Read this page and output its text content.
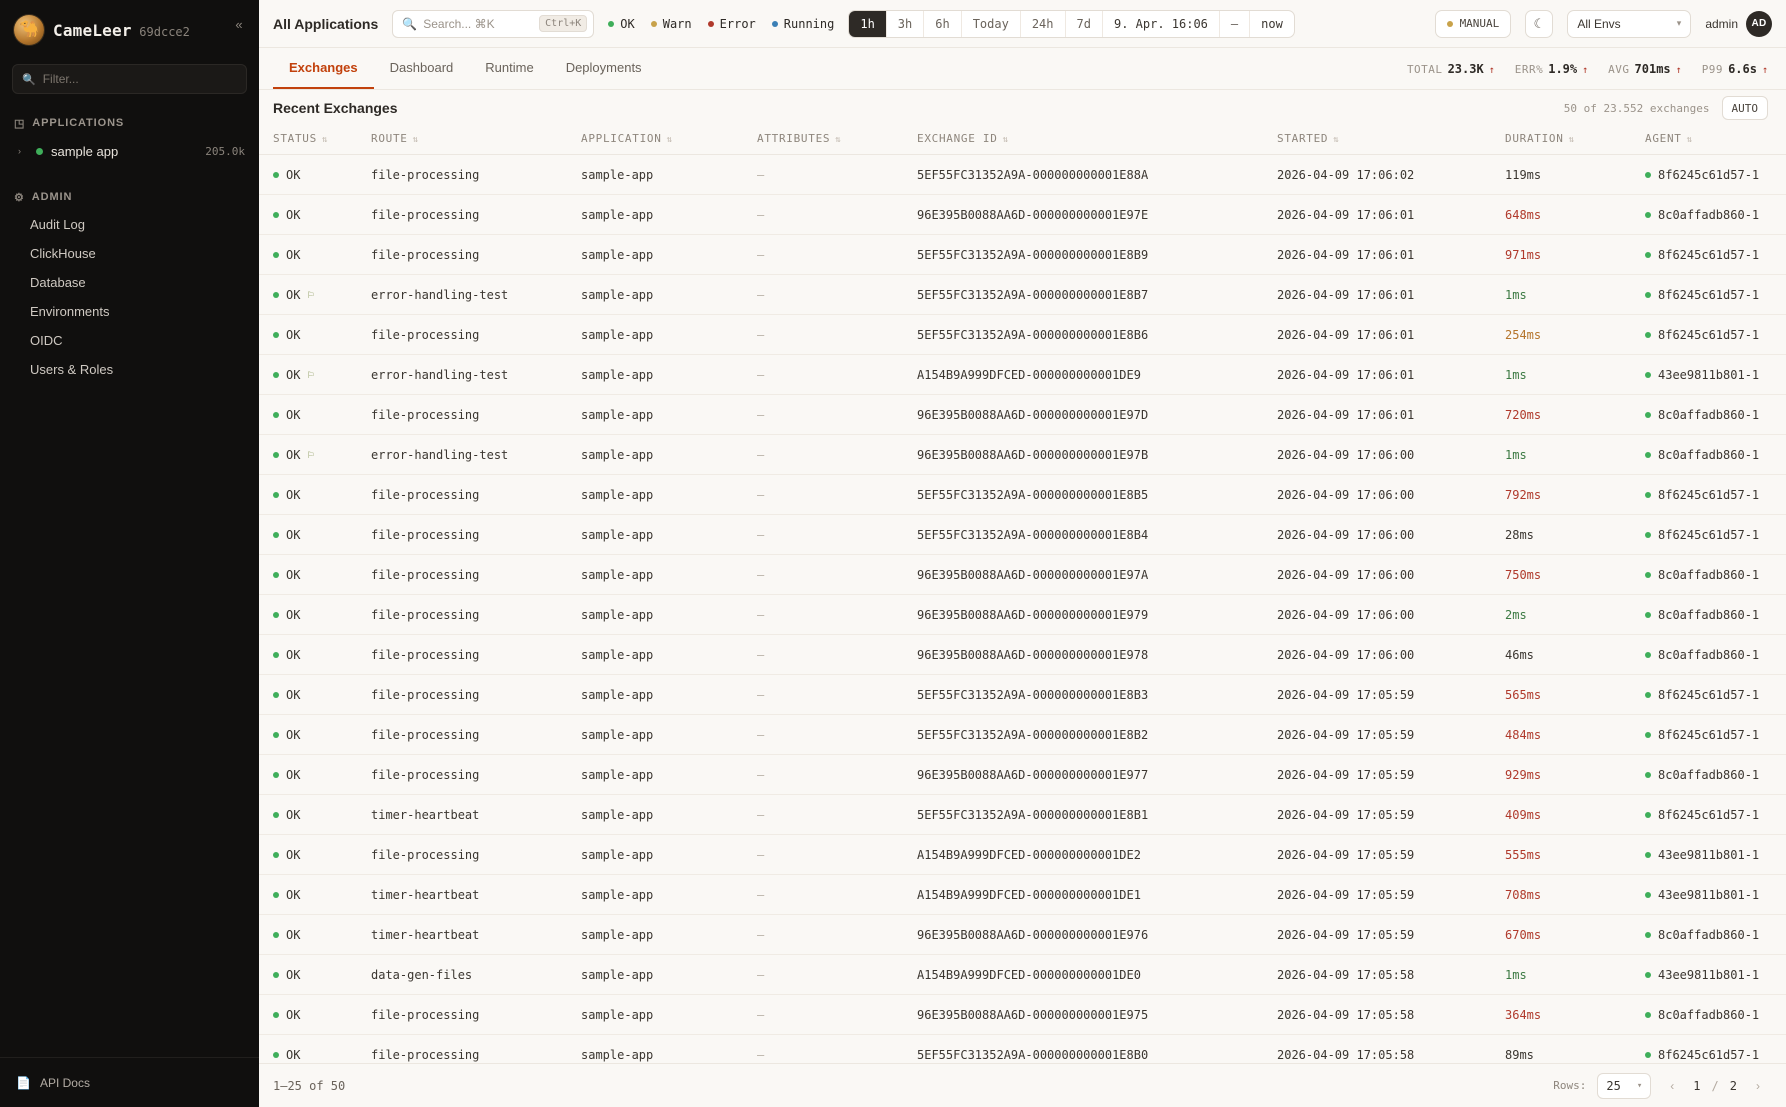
🐪 CameLeer 69dcce2	«
🔍 Filter...
◳ APPLICATIONS
›	sample app	205.0k
⚙ ADMIN
Audit Log
ClickHouse
Database
Environments
OIDC
Users & Roles
📄 API Docs
All Applications 🔍 Search... ⌘K	Ctrl+K	OK Warn Error Running	1h	3h	6h	Today	24h	7d	9. Apr. 16:06	—	now	MANUAL	☾	All Envs	▾ admin	AD
Exchanges	Dashboard	Runtime	Deployments	TOTAL 23.3K ↑ ERR% 1.9% ↑ AVG 701ms ↑ P99 6.6s ↑
Recent Exchanges	50 of 23.552 exchanges	AUTO
STATUS ⇅	ROUTE ⇅	APPLICATION ⇅	ATTRIBUTES ⇅	EXCHANGE ID ⇅	STARTED ⇅	DURATION ⇅	AGENT ⇅

OK	file-processing	sample-app	—	5EF55FC31352A9A-000000000001E88A	2026-04-09 17:06:02	119ms	8f6245c61d57-1

OK	file-processing	sample-app	—	96E395B0088AA6D-000000000001E97E	2026-04-09 17:06:01	648ms	8c0affadb860-1

OK	file-processing	sample-app	—	5EF55FC31352A9A-000000000001E8B9	2026-04-09 17:06:01	971ms	8f6245c61d57-1

OK ⚐	error-handling-test	sample-app	—	5EF55FC31352A9A-000000000001E8B7	2026-04-09 17:06:01	1ms	8f6245c61d57-1

OK	file-processing	sample-app	—	5EF55FC31352A9A-000000000001E8B6	2026-04-09 17:06:01	254ms	8f6245c61d57-1

OK ⚐	error-handling-test	sample-app	—	A154B9A999DFCED-000000000001DE9	2026-04-09 17:06:01	1ms	43ee9811b801-1

OK	file-processing	sample-app	—	96E395B0088AA6D-000000000001E97D	2026-04-09 17:06:01	720ms	8c0affadb860-1

OK ⚐	error-handling-test	sample-app	—	96E395B0088AA6D-000000000001E97B	2026-04-09 17:06:00	1ms	8c0affadb860-1

OK	file-processing	sample-app	—	5EF55FC31352A9A-000000000001E8B5	2026-04-09 17:06:00	792ms	8f6245c61d57-1

OK	file-processing	sample-app	—	5EF55FC31352A9A-000000000001E8B4	2026-04-09 17:06:00	28ms	8f6245c61d57-1

OK	file-processing	sample-app	—	96E395B0088AA6D-000000000001E97A	2026-04-09 17:06:00	750ms	8c0affadb860-1

OK	file-processing	sample-app	—	96E395B0088AA6D-000000000001E979	2026-04-09 17:06:00	2ms	8c0affadb860-1

OK	file-processing	sample-app	—	96E395B0088AA6D-000000000001E978	2026-04-09 17:06:00	46ms	8c0affadb860-1

OK	file-processing	sample-app	—	5EF55FC31352A9A-000000000001E8B3	2026-04-09 17:05:59	565ms	8f6245c61d57-1

OK	file-processing	sample-app	—	5EF55FC31352A9A-000000000001E8B2	2026-04-09 17:05:59	484ms	8f6245c61d57-1

OK	file-processing	sample-app	—	96E395B0088AA6D-000000000001E977	2026-04-09 17:05:59	929ms	8c0affadb860-1

OK	timer-heartbeat	sample-app	—	5EF55FC31352A9A-000000000001E8B1	2026-04-09 17:05:59	409ms	8f6245c61d57-1

OK	file-processing	sample-app	—	A154B9A999DFCED-000000000001DE2	2026-04-09 17:05:59	555ms	43ee9811b801-1

OK	timer-heartbeat	sample-app	—	A154B9A999DFCED-000000000001DE1	2026-04-09 17:05:59	708ms	43ee9811b801-1

OK	timer-heartbeat	sample-app	—	96E395B0088AA6D-000000000001E976	2026-04-09 17:05:59	670ms	8c0affadb860-1

OK	data-gen-files	sample-app	—	A154B9A999DFCED-000000000001DE0	2026-04-09 17:05:58	1ms	43ee9811b801-1

OK	file-processing	sample-app	—	96E395B0088AA6D-000000000001E975	2026-04-09 17:05:58	364ms	8c0affadb860-1

OK	file-processing	sample-app	—	5EF55FC31352A9A-000000000001E8B0	2026-04-09 17:05:58	89ms	8f6245c61d57-1
1–25 of 50	Rows: 25 ▾	‹	1 / 2	›
